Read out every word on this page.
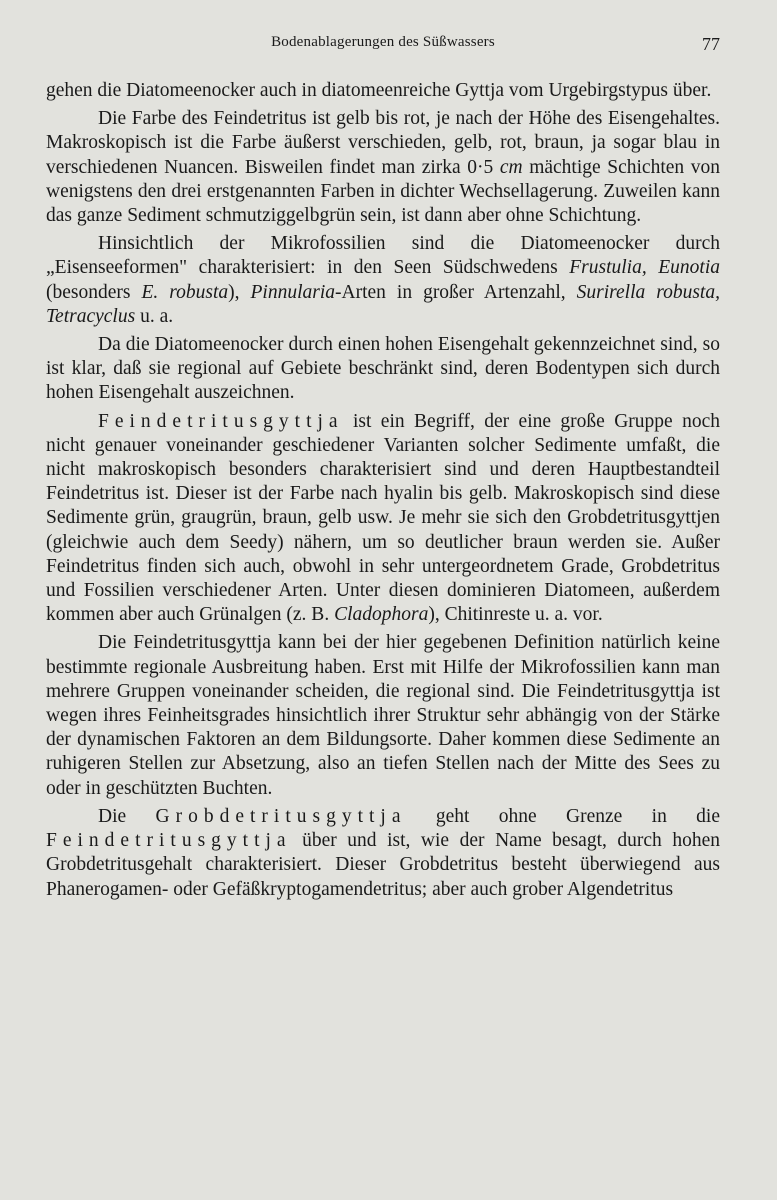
Bodenablagerungen des Süßwassers	77

gehen die Diatomeenocker auch in diatomeenreiche Gyttja vom Urgebirgstypus über.

Die Farbe des Feindetritus ist gelb bis rot, je nach der Höhe des Eisengehaltes. Makroskopisch ist die Farbe äußerst verschieden, gelb, rot, braun, ja sogar blau in verschiedenen Nuancen. Bisweilen findet man zirka 0·5 cm mächtige Schichten von wenigstens den drei erstgenannten Farben in dichter Wechsellagerung. Zuweilen kann das ganze Sediment schmutziggelbgrün sein, ist dann aber ohne Schichtung.

Hinsichtlich der Mikrofossilien sind die Diatomeenocker durch „Eisenseeformen" charakterisiert: in den Seen Südschwedens Frustulia, Eunotia (besonders E. robusta), Pinnularia-Arten in großer Artenzahl, Surirella robusta, Tetracyclus u. a.

Da die Diatomeenocker durch einen hohen Eisengehalt gekennzeichnet sind, so ist klar, daß sie regional auf Gebiete beschränkt sind, deren Bodentypen sich durch hohen Eisengehalt auszeichnen.

Feindetritusgyttja ist ein Begriff, der eine große Gruppe noch nicht genauer voneinander geschiedener Varianten solcher Sedimente umfaßt, die nicht makroskopisch besonders charakterisiert sind und deren Hauptbestandteil Feindetritus ist. Dieser ist der Farbe nach hyalin bis gelb. Makroskopisch sind diese Sedimente grün, graugrün, braun, gelb usw. Je mehr sie sich den Grobdetritusgyttjen (gleichwie auch dem Seedy) nähern, um so deutlicher braun werden sie. Außer Feindetritus finden sich auch, obwohl in sehr untergeordnetem Grade, Grobdetritus und Fossilien verschiedener Arten. Unter diesen dominieren Diatomeen, außerdem kommen aber auch Grünalgen (z. B. Cladophora), Chitinreste u. a. vor.

Die Feindetritusgyttja kann bei der hier gegebenen Definition natürlich keine bestimmte regionale Ausbreitung haben. Erst mit Hilfe der Mikrofossilien kann man mehrere Gruppen voneinander scheiden, die regional sind. Die Feindetritusgyttja ist wegen ihres Feinheitsgrades hinsichtlich ihrer Struktur sehr abhängig von der Stärke der dynamischen Faktoren an dem Bildungsorte. Daher kommen diese Sedimente an ruhigeren Stellen zur Absetzung, also an tiefen Stellen nach der Mitte des Sees zu oder in geschützten Buchten.

Die Grobdetritusgyttja geht ohne Grenze in die Feindetritusgyttja über und ist, wie der Name besagt, durch hohen Grobdetritusgehalt charakterisiert. Dieser Grobdetritus besteht überwiegend aus Phanerogamen- oder Gefäßkryptogamendetritus; aber auch grober Algendetritus
